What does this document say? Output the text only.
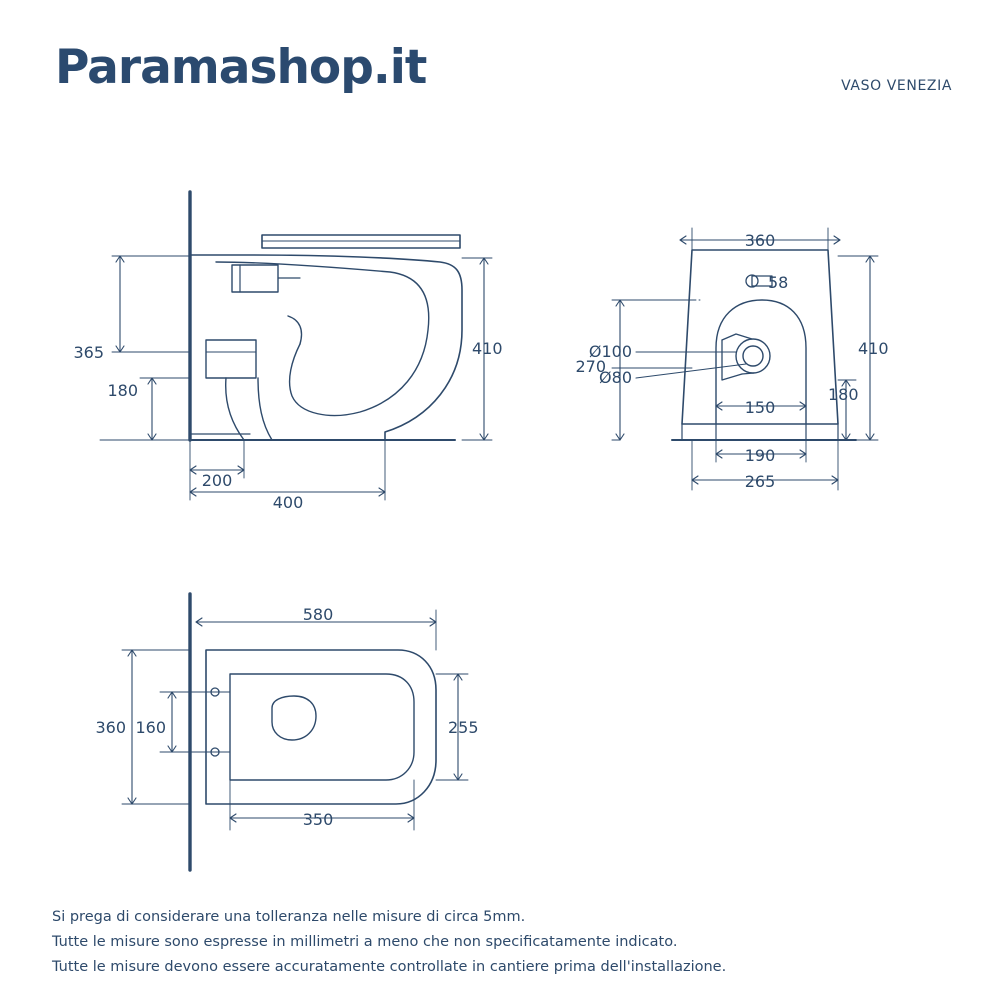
Paramashop.it	VASO VENEZIA
365
180
410
200
400
360
58
Ø100
Ø80
270
410
180
150
190
265
580
360 160	255
350
Si prega di considerare una tolleranza nelle misure di circa 5mm.
Tutte le misure sono espresse in millimetri a meno che non specificatamente indicato.
Tutte le misure devono essere accuratamente controllate in cantiere prima dell'installazione.
